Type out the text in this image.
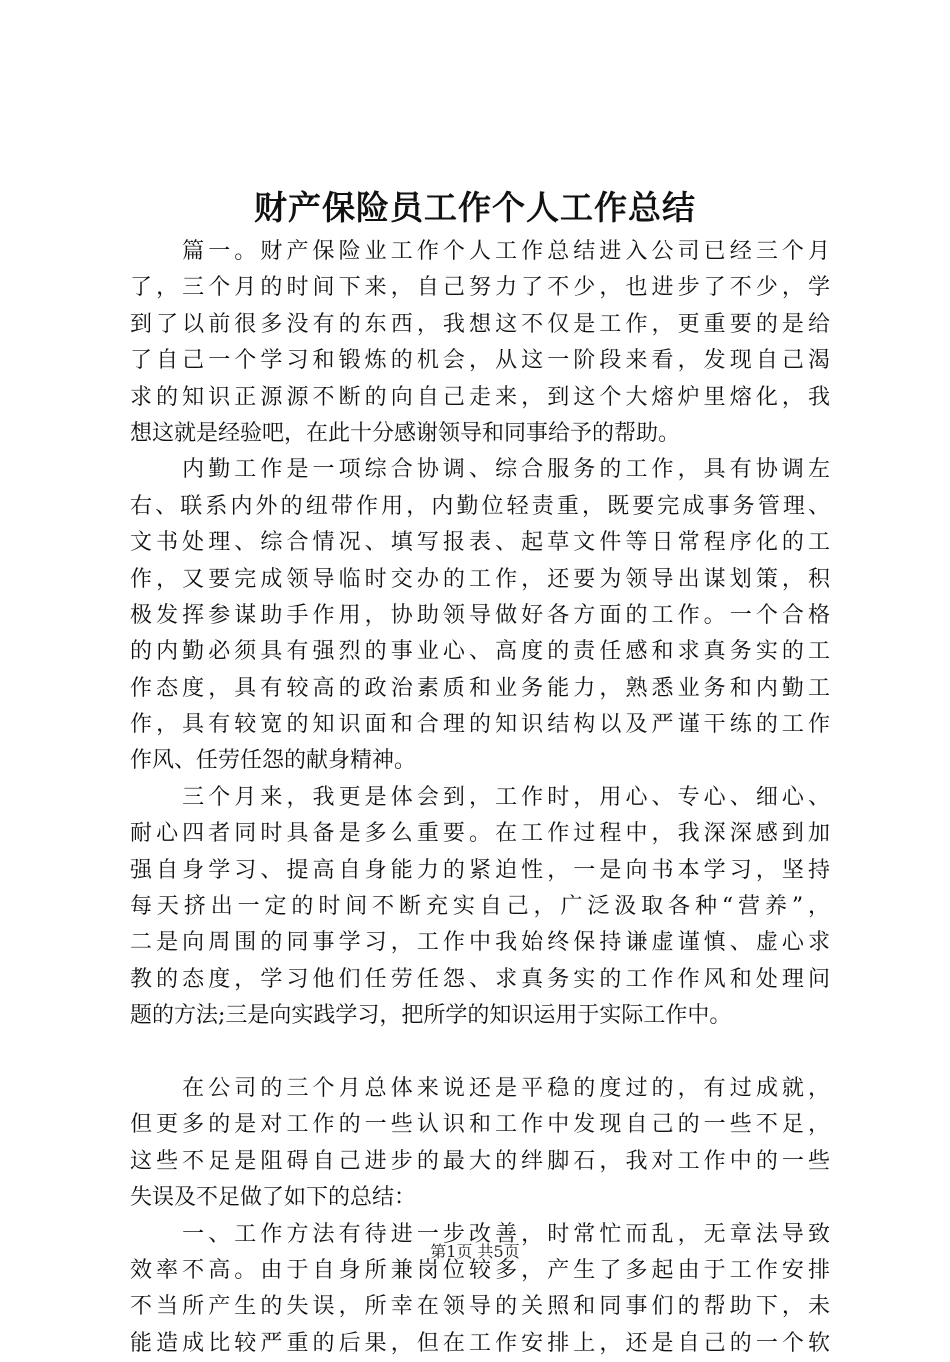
财产保险员工作个人工作总结
　　篇一。财产保险业工作个人工作总结进入公司已经三个月
了，三个月的时间下来，自己努力了不少，也进步了不少，学
到了以前很多没有的东西，我想这不仅是工作，更重要的是给
了自己一个学习和锻炼的机会，从这一阶段来看，发现自己渴
求的知识正源源不断的向自己走来，到这个大熔炉里熔化，我
想这就是经验吧，在此十分感谢领导和同事给予的帮助。
　　内勤工作是一项综合协调、综合服务的工作，具有协调左
右、联系内外的纽带作用，内勤位轻责重，既要完成事务管理、
文书处理、综合情况、填写报表、起草文件等日常程序化的工
作，又要完成领导临时交办的工作，还要为领导出谋划策，积
极发挥参谋助手作用，协助领导做好各方面的工作。一个合格
的内勤必须具有强烈的事业心、高度的责任感和求真务实的工
作态度，具有较高的政治素质和业务能力，熟悉业务和内勤工
作，具有较宽的知识面和合理的知识结构以及严谨干练的工作
作风、任劳任怨的献身精神。
　　三个月来，我更是体会到，工作时，用心、专心、细心、
耐心四者同时具备是多么重要。在工作过程中，我深深感到加
强自身学习、提高自身能力的紧迫性，一是向书本学习，坚持
每天挤出一定的时间不断充实自己，广泛汲取各种“营养”，
二是向周围的同事学习，工作中我始终保持谦虚谨慎、虚心求
教的态度，学习他们任劳任怨、求真务实的工作作风和处理问
题的方法;三是向实践学习，把所学的知识运用于实际工作中。
　　在公司的三个月总体来说还是平稳的度过的，有过成就，
但更多的是对工作的一些认识和工作中发现自己的一些不足，
这些不足是阻碍自己进步的最大的绊脚石，我对工作中的一些
失误及不足做了如下的总结：
　　一、工作方法有待进一步改善，时常忙而乱，无章法导致
效率不高。由于自身所兼岗位较多，产生了多起由于工作安排
不当所产生的失误，所幸在领导的关照和同事们的帮助下，未
能造成比较严重的后果，但在工作安排上，还是自己的一个软
第1页 共5页
